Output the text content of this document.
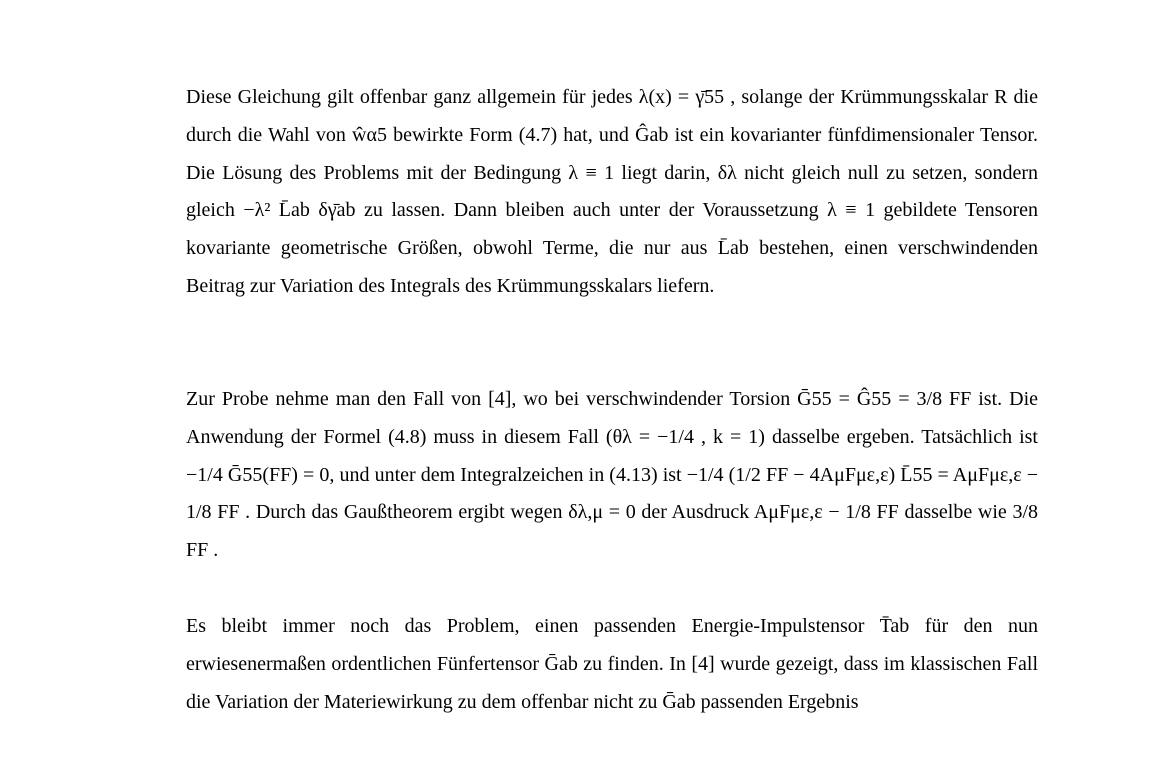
Diese Gleichung gilt offenbar ganz allgemein für jedes λ(x) = γ̄55 , solange der Krümmungsskalar R die durch die Wahl von ŵα5 bewirkte Form (4.7) hat, und Ĝab ist ein kovarianter fünfdimensionaler Tensor. Die Lösung des Problems mit der Bedingung λ ≡ 1 liegt darin, δλ nicht gleich null zu setzen, sondern gleich −λ² L̄ab δγ̄ab zu lassen. Dann bleiben auch unter der Voraussetzung λ ≡ 1 gebildete Tensoren kovariante geometrische Größen, obwohl Terme, die nur aus L̄ab bestehen, einen verschwindenden Beitrag zur Variation des Integrals des Krümmungsskalars liefern.

Zur Probe nehme man den Fall von [4], wo bei verschwindender Torsion Ḡ55 = Ĝ55 = 3/8 FF ist. Die Anwendung der Formel (4.8) muss in diesem Fall (θλ = −1/4 , k = 1) dasselbe ergeben. Tatsächlich ist −1/4 Ḡ55(FF) = 0, und unter dem Integralzeichen in (4.13) ist −1/4 (1/2 FF − 4AμFμε,ε) L̄55 = AμFμε,ε − 1/8 FF . Durch das Gaußtheorem ergibt wegen δλ,μ = 0 der Ausdruck AμFμε,ε − 1/8 FF dasselbe wie 3/8 FF .

Es bleibt immer noch das Problem, einen passenden Energie-Impulstensor T̄ab für den nun erwiesenermaßen ordentlichen Fünfertensor Ḡab zu finden. In [4] wurde gezeigt, dass im klassischen Fall die Variation der Materiewirkung zu dem offenbar nicht zu Ḡab passenden Ergebnis
